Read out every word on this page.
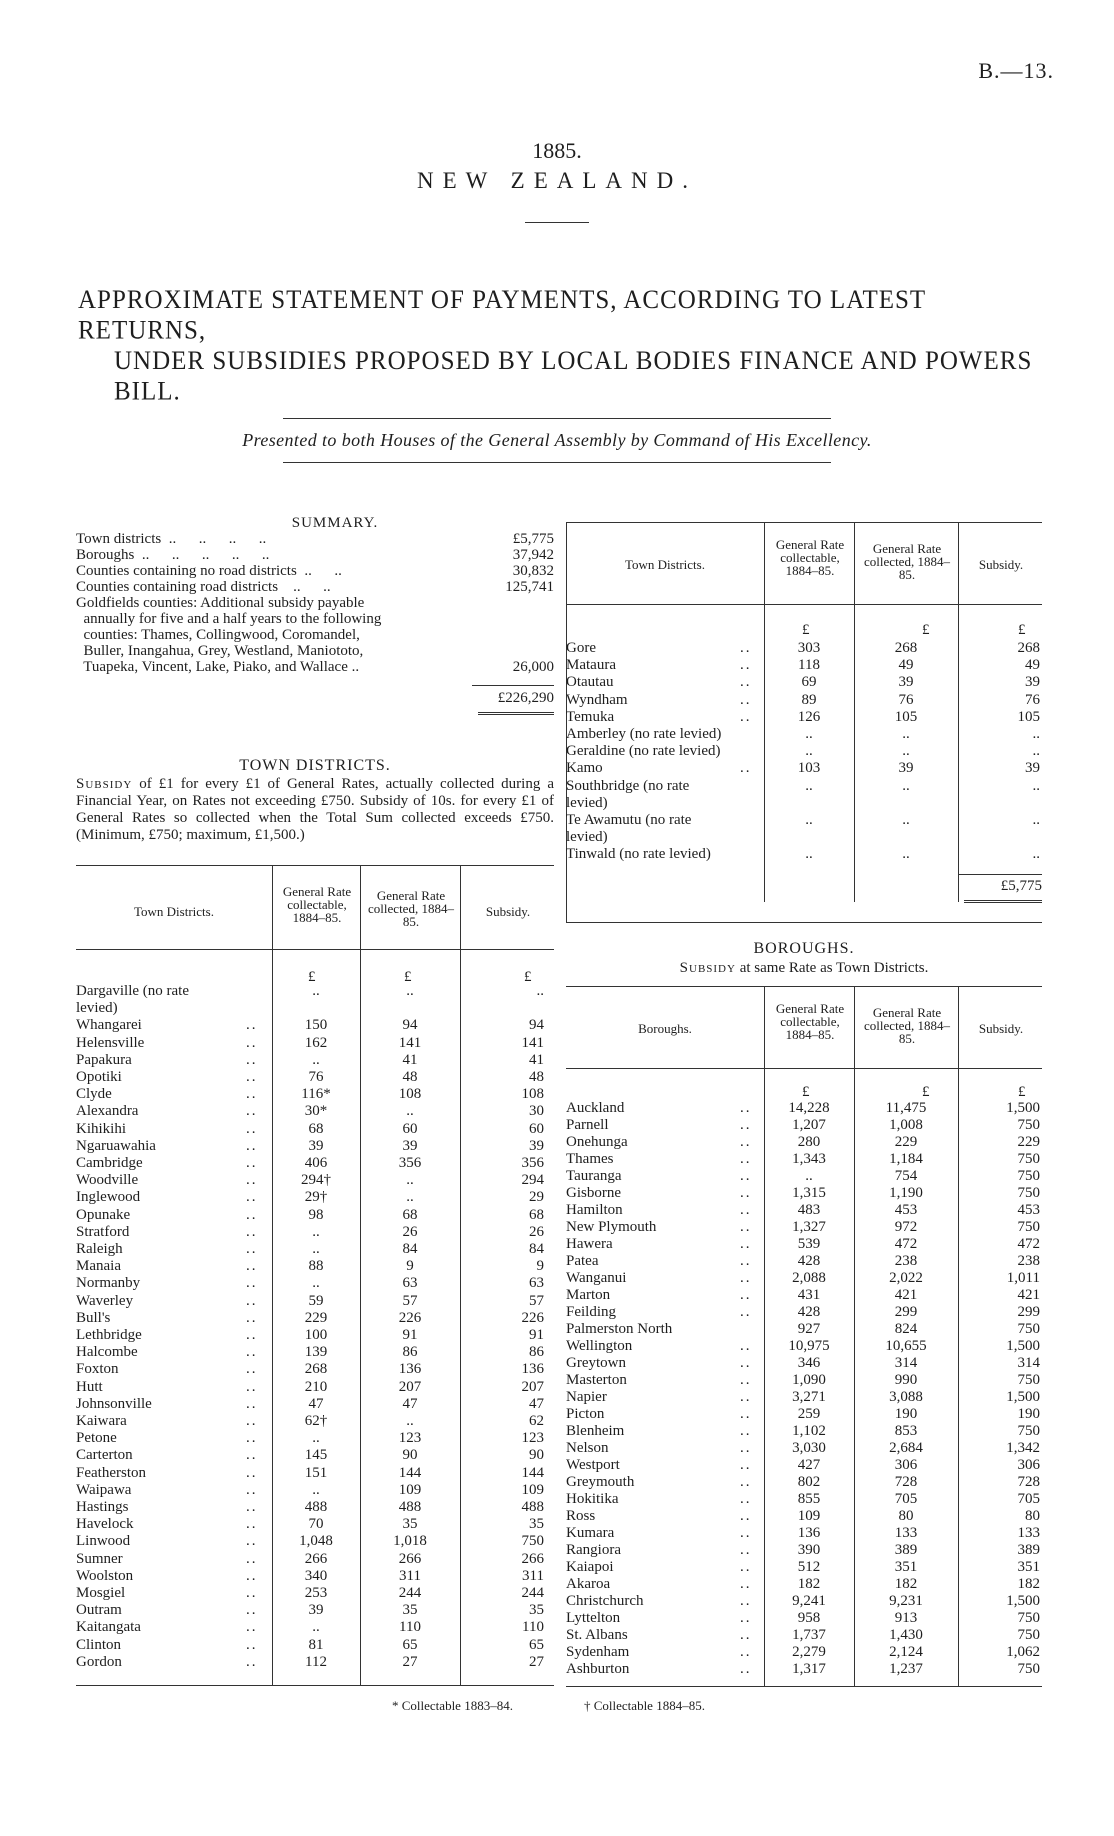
B.—13.
1885.
NEW ZEALAND.
APPROXIMATE STATEMENT OF PAYMENTS, ACCORDING TO LATEST RETURNS,
UNDER SUBSIDIES PROPOSED BY LOCAL BODIES FINANCE AND POWERS
BILL.
Presented to both Houses of the General Assembly by Command of His Excellency.
SUMMARY.
Town districts  ..      ..      ..      ..	£5,775
Boroughs  ..      ..      ..      ..      ..	37,942
Counties containing no road districts  ..      ..	30,832
Counties containing road districts    ..      ..	125,741
Goldfields counties: Additional subsidy payable
annually for five and a half years to the following
counties: Thames, Collingwood, Coromandel,
Buller, Inangahua, Grey, Westland, Maniototo,
Tuapeka, Vincent, Lake, Piako, and Wallace ..	26,000
£226,290
TOWN DISTRICTS.
Subsidy of £1 for every £1 of General Rates, actually collected during a Financial Year, on Rates not exceeding £750. Subsidy of 10s. for every £1 of General Rates so collected when the Total Sum collected exceeds £750. (Minimum, £750; maximum, £1,500.)
Town Districts.
General Rate collectable, 1884–85.
General Rate collected, 1884–85.
Subsidy.
£	£	£
Dargaville (no rate	..	..	..
levied)
Whangarei	..	150	94	94
Helensville	..	162	141	141
Papakura	..	..	41	41
Opotiki	..	76	48	48
Clyde	..	116*	108	108
Alexandra	..	30*	..	30
Kihikihi	..	68	60	60
Ngaruawahia	..	39	39	39
Cambridge	..	406	356	356
Woodville	..	294†	..	294
Inglewood	..	29†	..	29
Opunake	..	98	68	68
Stratford	..	..	26	26
Raleigh	..	..	84	84
Manaia	..	88	9	9
Normanby	..	..	63	63
Waverley	..	59	57	57
Bull's	..	229	226	226
Lethbridge	..	100	91	91
Halcombe	..	139	86	86
Foxton	..	268	136	136
Hutt	..	210	207	207
Johnsonville	..	47	47	47
Kaiwara	..	62†	..	62
Petone	..	..	123	123
Carterton	..	145	90	90
Featherston	..	151	144	144
Waipawa	..	..	109	109
Hastings	..	488	488	488
Havelock	..	70	35	35
Linwood	..	1,048	1,018	750
Sumner	..	266	266	266
Woolston	..	340	311	311
Mosgiel	..	253	244	244
Outram	..	39	35	35
Kaitangata	..	..	110	110
Clinton	..	81	65	65
Gordon	..	112	27	27
Town Districts.
General Rate collectable, 1884–85.
General Rate collected, 1884–85.
Subsidy.
£	£	£
Gore	..	303	268	268
Mataura	..	118	49	49
Otautau	..	69	39	39
Wyndham	..	89	76	76
Temuka	..	126	105	105
Amberley (no rate levied)	..	..	..
Geraldine (no rate levied)	..	..	..
Kamo	..	103	39	39
Southbridge (no rate	..	..	..
levied)
Te Awamutu (no rate	..	..	..
levied)
Tinwald (no rate levied)	..	..	..
£5,775
BOROUGHS.
Subsidy at same Rate as Town Districts.
Boroughs.
General Rate collectable, 1884–85.
General Rate collected, 1884–85.
Subsidy.
£	£	£
Auckland	..	14,228	11,475	1,500
Parnell	..	1,207	1,008	750
Onehunga	..	280	229	229
Thames	..	1,343	1,184	750
Tauranga	..	..	754	750
Gisborne	..	1,315	1,190	750
Hamilton	..	483	453	453
New Plymouth	..	1,327	972	750
Hawera	..	539	472	472
Patea	..	428	238	238
Wanganui	..	2,088	2,022	1,011
Marton	..	431	421	421
Feilding	..	428	299	299
Palmerston North	927	824	750
Wellington	..	10,975	10,655	1,500
Greytown	..	346	314	314
Masterton	..	1,090	990	750
Napier	..	3,271	3,088	1,500
Picton	..	259	190	190
Blenheim	..	1,102	853	750
Nelson	..	3,030	2,684	1,342
Westport	..	427	306	306
Greymouth	..	802	728	728
Hokitika	..	855	705	705
Ross	..	109	80	80
Kumara	..	136	133	133
Rangiora	..	390	389	389
Kaiapoi	..	512	351	351
Akaroa	..	182	182	182
Christchurch	..	9,241	9,231	1,500
Lyttelton	..	958	913	750
St. Albans	..	1,737	1,430	750
Sydenham	..	2,279	2,124	1,062
Ashburton	..	1,317	1,237	750
* Collectable 1883–84.	† Collectable 1884–85.
